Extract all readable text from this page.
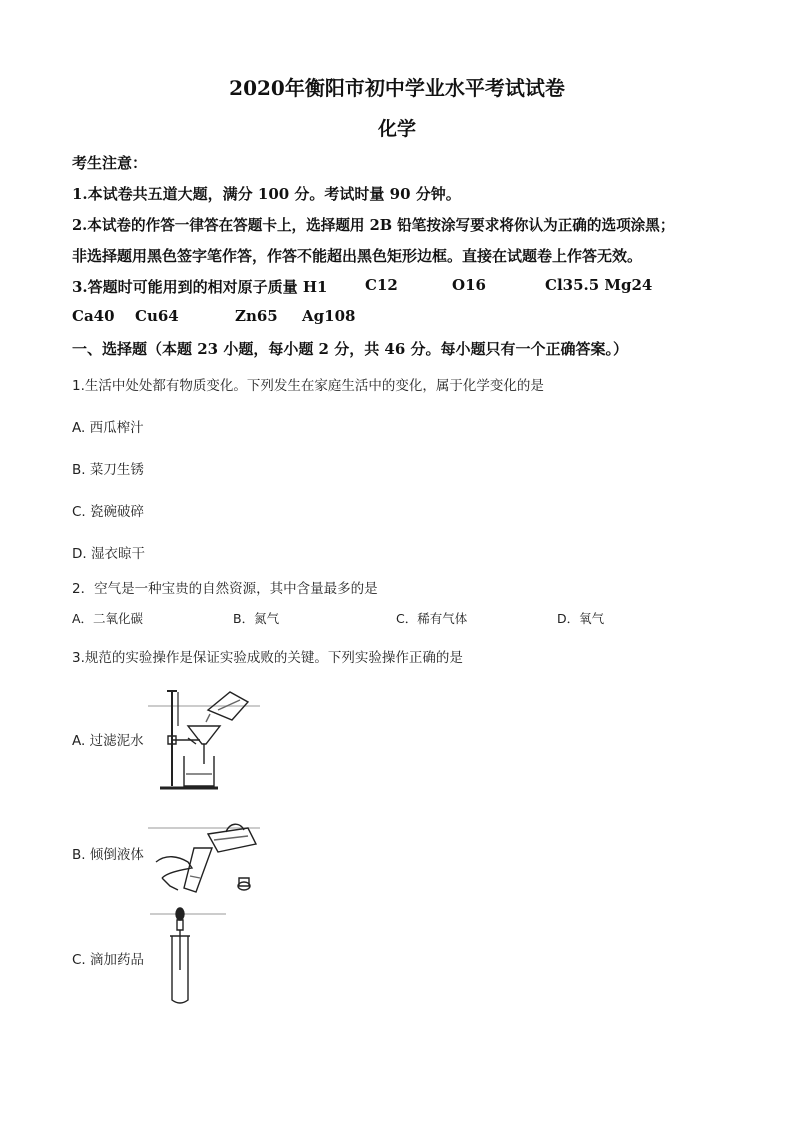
2020年衡阳市初中学业水平考试试卷
化学
考生注意：
1.本试卷共五道大题，满分 100 分。考试时量 90 分钟。
2.本试卷的作答一律答在答题卡上，选择题用 2B 铅笔按涂写要求将你认为正确的选项涂黑；
非选择题用黑色签字笔作答，作答不能超出黑色矩形边框。直接在试题卷上作答无效。
3.答题时可能用到的相对原子质量 H1	C12	O16	Cl35.5 Mg24
Ca40 Cu64	Zn65 Ag108
一、选择题（本题 23 小题，每小题 2 分，共 46 分。每小题只有一个正确答案。）
1.生活中处处都有物质变化。下列发生在家庭生活中的变化，属于化学变化的是
A. 西瓜榨汁
B. 菜刀生锈
C. 瓷碗破碎
D. 湿衣晾干
2．空气是一种宝贵的自然资源，其中含量最多的是
A．二氧化碳	B．氮气	C．稀有气体	D．氧气
3.规范的实验操作是保证实验成败的关键。下列实验操作正确的是
A. 过滤泥水
B. 倾倒液体
C. 滴加药品
